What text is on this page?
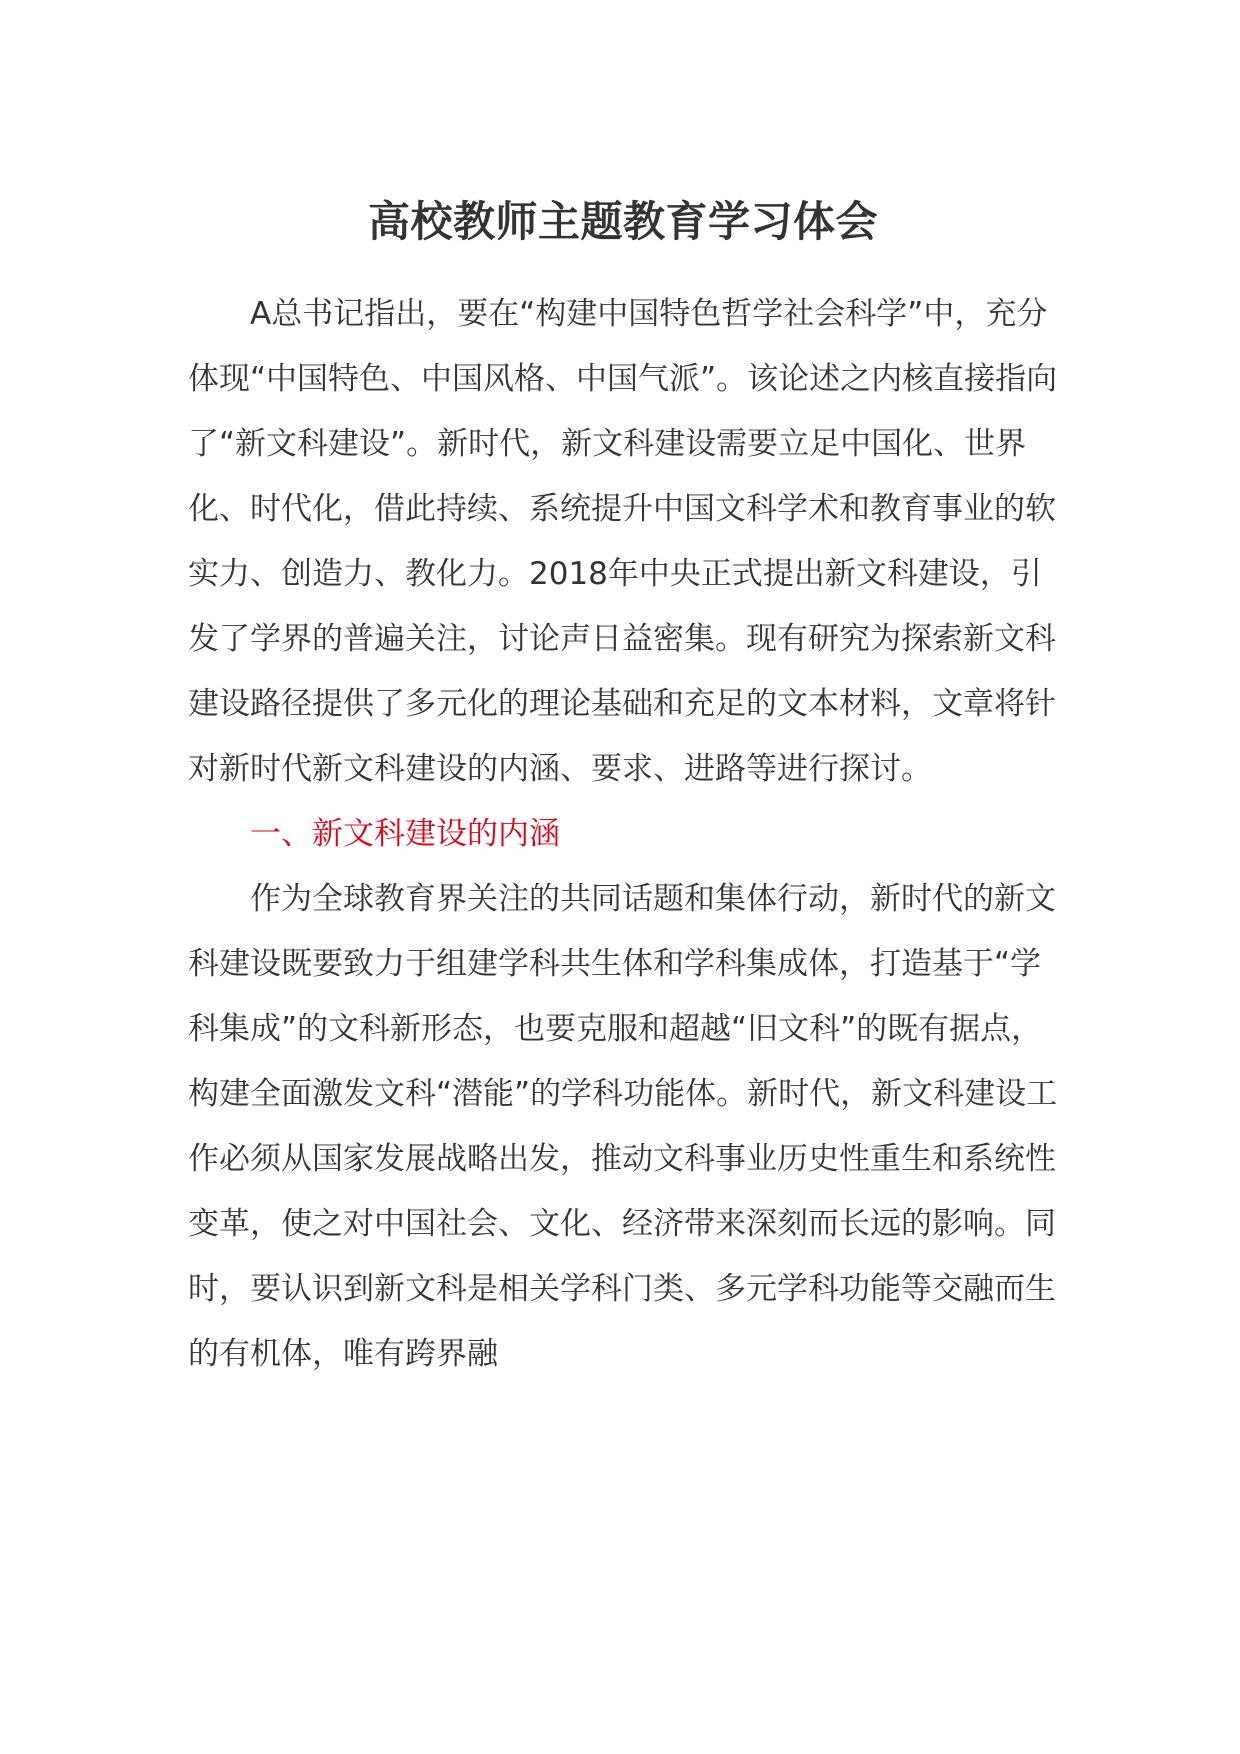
高校教师主题教育学习体会

A总书记指出，要在“构建中国特色哲学社会科学”中，充分体现“中国特色、中国风格、中国气派”。该论述之内核直接指向了“新文科建设”。新时代，新文科建设需要立足中国化、世界化、时代化，借此持续、系统提升中国文科学术和教育事业的软实力、创造力、教化力。2018年中央正式提出新文科建设，引发了学界的普遍关注，讨论声日益密集。现有研究为探索新文科建设路径提供了多元化的理论基础和充足的文本材料，文章将针对新时代新文科建设的内涵、要求、进路等进行探讨。

一、新文科建设的内涵

作为全球教育界关注的共同话题和集体行动，新时代的新文科建设既要致力于组建学科共生体和学科集成体，打造基于“学科集成”的文科新形态，也要克服和超越“旧文科”的既有据点，构建全面激发文科“潜能”的学科功能体。新时代，新文科建设工作必须从国家发展战略出发，推动文科事业历史性重生和系统性变革，使之对中国社会、文化、经济带来深刻而长远的影响。同时，要认识到新文科是相关学科门类、多元学科功能等交融而生的有机体，唯有跨界融
